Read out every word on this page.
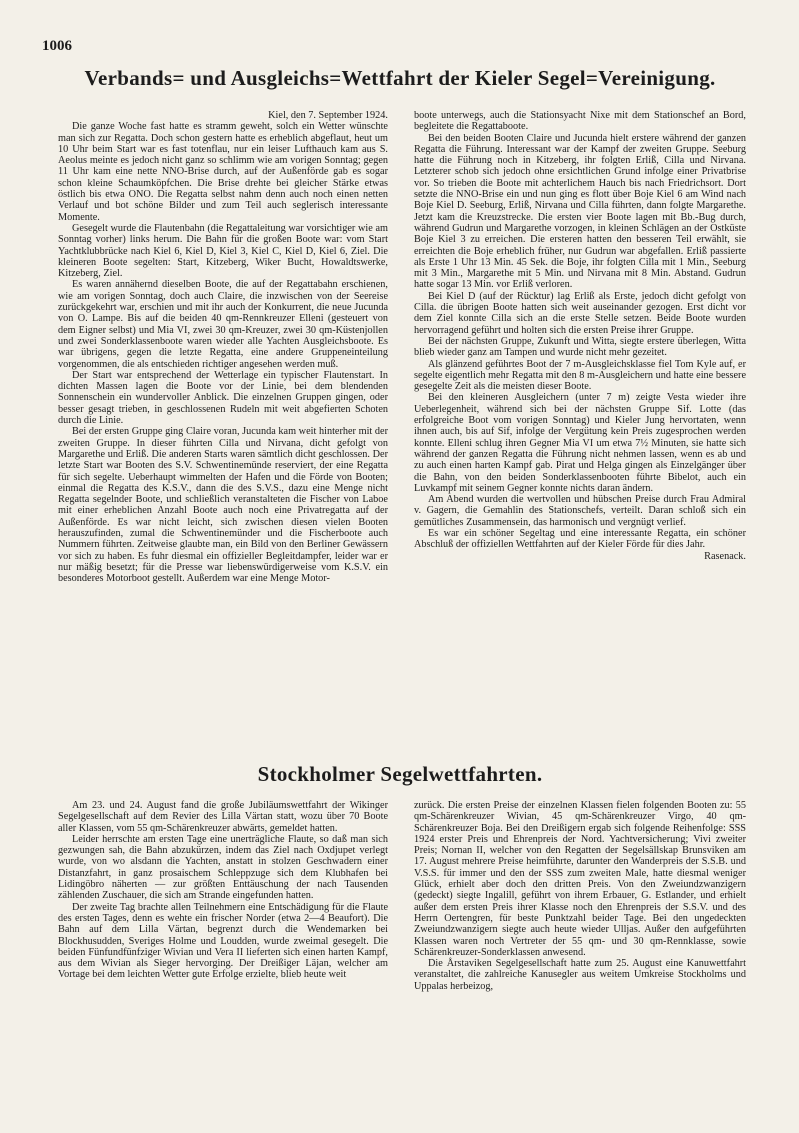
1006
Verbands= und Ausgleichs=Wettfahrt der Kieler Segel=Vereinigung.
Kiel, den 7. September 1924.

Die ganze Woche fast hatte es stramm geweht, solch ein Wetter wünschte man sich zur Regatta. Doch schon gestern hatte es erheblich abgeflaut, heut um 10 Uhr beim Start war es fast totenflau, nur ein leiser Lufthauch kam aus S. Aeolus meinte es jedoch nicht ganz so schlimm wie am vorigen Sonntag; gegen 11 Uhr kam eine nette NNO-Brise durch, auf der Außenförde gab es sogar schon kleine Schaumköpfchen. Die Brise drehte bei gleicher Stärke etwas östlich bis etwa ONO. Die Regatta selbst nahm denn auch noch einen netten Verlauf und bot schöne Bilder und zum Teil auch seglerisch interessante Momente.

Gesegelt wurde die Flautenbahn (die Regattaleitung war vorsichtiger wie am Sonntag vorher) links herum. Die Bahn für die großen Boote war: vom Start Yachtklubbrücke nach Kiel 6, Kiel D, Kiel 3, Kiel C, Kiel D, Kiel 6, Ziel. Die kleineren Boote segelten: Start, Kitzeberg, Wiker Bucht, Howaldtswerke, Kitzeberg, Ziel.

Es waren annähernd dieselben Boote, die auf der Regattabahn erschienen, wie am vorigen Sonntag, doch auch Claire, die inzwischen von der Seereise zurückgekehrt war, erschien und mit ihr auch der Konkurrent, die neue Jucunda von O. Lampe. Bis auf die beiden 40 qm-Rennkreuzer Elleni (gesteuert von dem Eigner selbst) und Mia VI, zwei 30 qm-Kreuzer, zwei 30 qm-Küstenjollen und zwei Sonderklassenboote waren wieder alle Yachten Ausgleichsboote. Es war übrigens, gegen die letzte Regatta, eine andere Gruppeneinteilung vorgenommen, die als entschieden richtiger angesehen werden muß.

Der Start war entsprechend der Wetterlage ein typischer Flautenstart. In dichten Massen lagen die Boote vor der Linie, bei dem blendenden Sonnenschein ein wundervoller Anblick. Die einzelnen Gruppen gingen, oder besser gesagt trieben, in geschlossenen Rudeln mit weit abgefierten Schoten durch die Linie.

Bei der ersten Gruppe ging Claire voran, Jucunda kam weit hinterher mit der zweiten Gruppe. In dieser führten Cilla und Nirvana, dicht gefolgt von Margarethe und Erliß. Die anderen Starts waren sämtlich dicht geschlossen. Der letzte Start war Booten des S.V. Schwentinemünde reserviert, der eine Regatta für sich segelte. Ueberhaupt wimmelten der Hafen und die Förde von Booten; einmal die Regatta des K.S.V., dann die des S.V.S., dazu eine Menge nicht Regatta segelnder Boote, und schließlich veranstalteten die Fischer von Laboe mit einer erheblichen Anzahl Boote auch noch eine Privatregatta auf der Außenförde. Es war nicht leicht, sich zwischen diesen vielen Booten herauszufinden, zumal die Schwentinemünder und die Fischerboote auch Nummern führten. Zeitweise glaubte man, ein Bild von den Berliner Gewässern vor sich zu haben. Es fuhr diesmal ein offizieller Begleitdampfer, leider war er nur mäßig besetzt; für die Presse war liebenswürdigerweise vom K.S.V. ein besonderes Motorboot gestellt. Außerdem war eine Menge Motor-

boote unterwegs, auch die Stationsyacht Nixe mit dem Stationschef an Bord, begleitete die Regattaboote.

Bei den beiden Booten Claire und Jucunda hielt erstere während der ganzen Regatta die Führung. Interessant war der Kampf der zweiten Gruppe. Seeburg hatte die Führung noch in Kitzeberg, ihr folgten Erliß, Cilla und Nirvana. Letzterer schob sich jedoch ohne ersichtlichen Grund infolge einer Privatbrise vor. So trieben die Boote mit achterlichem Hauch bis nach Friedrichsort. Dort setzte die NNO-Brise ein und nun ging es flott über Boje Kiel 6 am Wind nach Boje Kiel D. Seeburg, Erliß, Nirvana und Cilla führten, dann folgte Margarethe. Jetzt kam die Kreuzstrecke. Die ersten vier Boote lagen mit Bb.-Bug durch, während Gudrun und Margarethe vorzogen, in kleinen Schlägen an der Ostküste Boje Kiel 3 zu erreichen. Die ersteren hatten den besseren Teil erwählt, sie erreichten die Boje erheblich früher, nur Gudrun war abgefallen. Erliß passierte als Erste 1 Uhr 13 Min. 45 Sek. die Boje, ihr folgten Cilla mit 1 Min., Seeburg mit 3 Min., Margarethe mit 5 Min. und Nirvana mit 8 Min. Abstand. Gudrun hatte sogar 13 Min. vor Erliß verloren.

Bei Kiel D (auf der Rücktur) lag Erliß als Erste, jedoch dicht gefolgt von Cilla. die übrigen Boote hatten sich weit auseinander gezogen. Erst dicht vor dem Ziel konnte Cilla sich an die erste Stelle setzen. Beide Boote wurden hervorragend geführt und holten sich die ersten Preise ihrer Gruppe.

Bei der nächsten Gruppe, Zukunft und Witta, siegte erstere überlegen, Witta blieb wieder ganz am Tampen und wurde nicht mehr gezeitet.

Als glänzend geführtes Boot der 7 m-Ausgleichsklasse fiel Tom Kyle auf, er segelte eigentlich mehr Regatta mit den 8 m-Ausgleichern und hatte eine bessere gesegelte Zeit als die meisten dieser Boote.

Bei den kleineren Ausgleichern (unter 7 m) zeigte Vesta wieder ihre Ueberlegenheit, während sich bei der nächsten Gruppe Sif. Lotte (das erfolgreiche Boot vom vorigen Sonntag) und Kieler Jung hervortaten, wenn ihnen auch, bis auf Sif, infolge der Vergütung kein Preis zugesprochen werden konnte. Elleni schlug ihren Gegner Mia VI um etwa 7½ Minuten, sie hatte sich während der ganzen Regatta die Führung nicht nehmen lassen, wenn es ab und zu auch einen harten Kampf gab. Pirat und Helga gingen als Einzelgänger über die Bahn, von den beiden Sonderklassenbooten führte Bibelot, auch ein Luvkampf mit seinem Gegner konnte nichts daran ändern.

Am Abend wurden die wertvollen und hübschen Preise durch Frau Admiral v. Gagern, die Gemahlin des Stationschefs, verteilt. Daran schloß sich ein gemütliches Zusammensein, das harmonisch und vergnügt verlief.

Es war ein schöner Segeltag und eine interessante Regatta, ein schöner Abschluß der offiziellen Wettfahrten auf der Kieler Förde für dies Jahr.

Rasenack.
Stockholmer Segelwettfahrten.

Am 23. und 24. August fand die große Jubiläumswettfahrt der Wikinger Segelgesellschaft auf dem Revier des Lilla Värtan statt, wozu über 70 Boote aller Klassen, vom 55 qm-Schärenkreuzer abwärts, gemeldet hatten.

Leider herrschte am ersten Tage eine unerträgliche Flaute, so daß man sich gezwungen sah, die Bahn abzukürzen, indem das Ziel nach Oxdjupet verlegt wurde, von wo alsdann die Yachten, anstatt in stolzen Geschwadern einer Distanzfahrt, in ganz prosaischem Schleppzuge sich dem Klubhafen bei Lidingöbro näherten — zur größten Enttäuschung der nach Tausenden zählenden Zuschauer, die sich am Strande eingefunden hatten.

Der zweite Tag brachte allen Teilnehmern eine Entschädigung für die Flaute des ersten Tages, denn es wehte ein frischer Norder (etwa 2—4 Beaufort). Die Bahn auf dem Lilla Värtan, begrenzt durch die Wendemarken bei Blockhusudden, Sveriges Holme und Loudden, wurde zweimal gesegelt. Die beiden Fünfundfünfziger Wivian und Vera II lieferten sich einen harten Kampf, aus dem Wivian als Sieger hervorging. Der Dreißiger Läjan, welcher am Vortage bei dem leichten Wetter gute Erfolge erzielte, blieb heute weit

zurück. Die ersten Preise der einzelnen Klassen fielen folgenden Booten zu: 55 qm-Schärenkreuzer Wivian, 45 qm-Schärenkreuzer Virgo, 40 qm-Schärenkreuzer Boja. Bei den Dreißigern ergab sich folgende Reihenfolge: SSS 1924 erster Preis und Ehrenpreis der Nord. Yachtversicherung; Vivi zweiter Preis; Nornan II, welcher von den Regatten der Segelsällskap Brunsviken am 17. August mehrere Preise heimführte, darunter den Wanderpreis der S.S.B. und V.S.S. für immer und den der SSS zum zweiten Male, hatte diesmal weniger Glück, erhielt aber doch den dritten Preis. Von den Zweiundzwanzigern (gedeckt) siegte Ingalill, geführt von ihrem Erbauer, G. Estlander, und erhielt außer dem ersten Preis ihrer Klasse noch den Ehrenpreis der S.S.V. und des Herrn Oertengren, für beste Punktzahl beider Tage. Bei den ungedeckten Zweiundzwanzigern siegte auch heute wieder Ulljas. Außer den aufgeführten Klassen waren noch Vertreter der 55 qm- und 30 qm-Rennklasse, sowie Schärenkreuzer-Sonderklassen anwesend.

Die Årstaviken Segelgesellschaft hatte zum 25. August eine Kanuwettfahrt veranstaltet, die zahlreiche Kanusegler aus weitem Umkreise Stockholms und Uppalas herbeizog,
